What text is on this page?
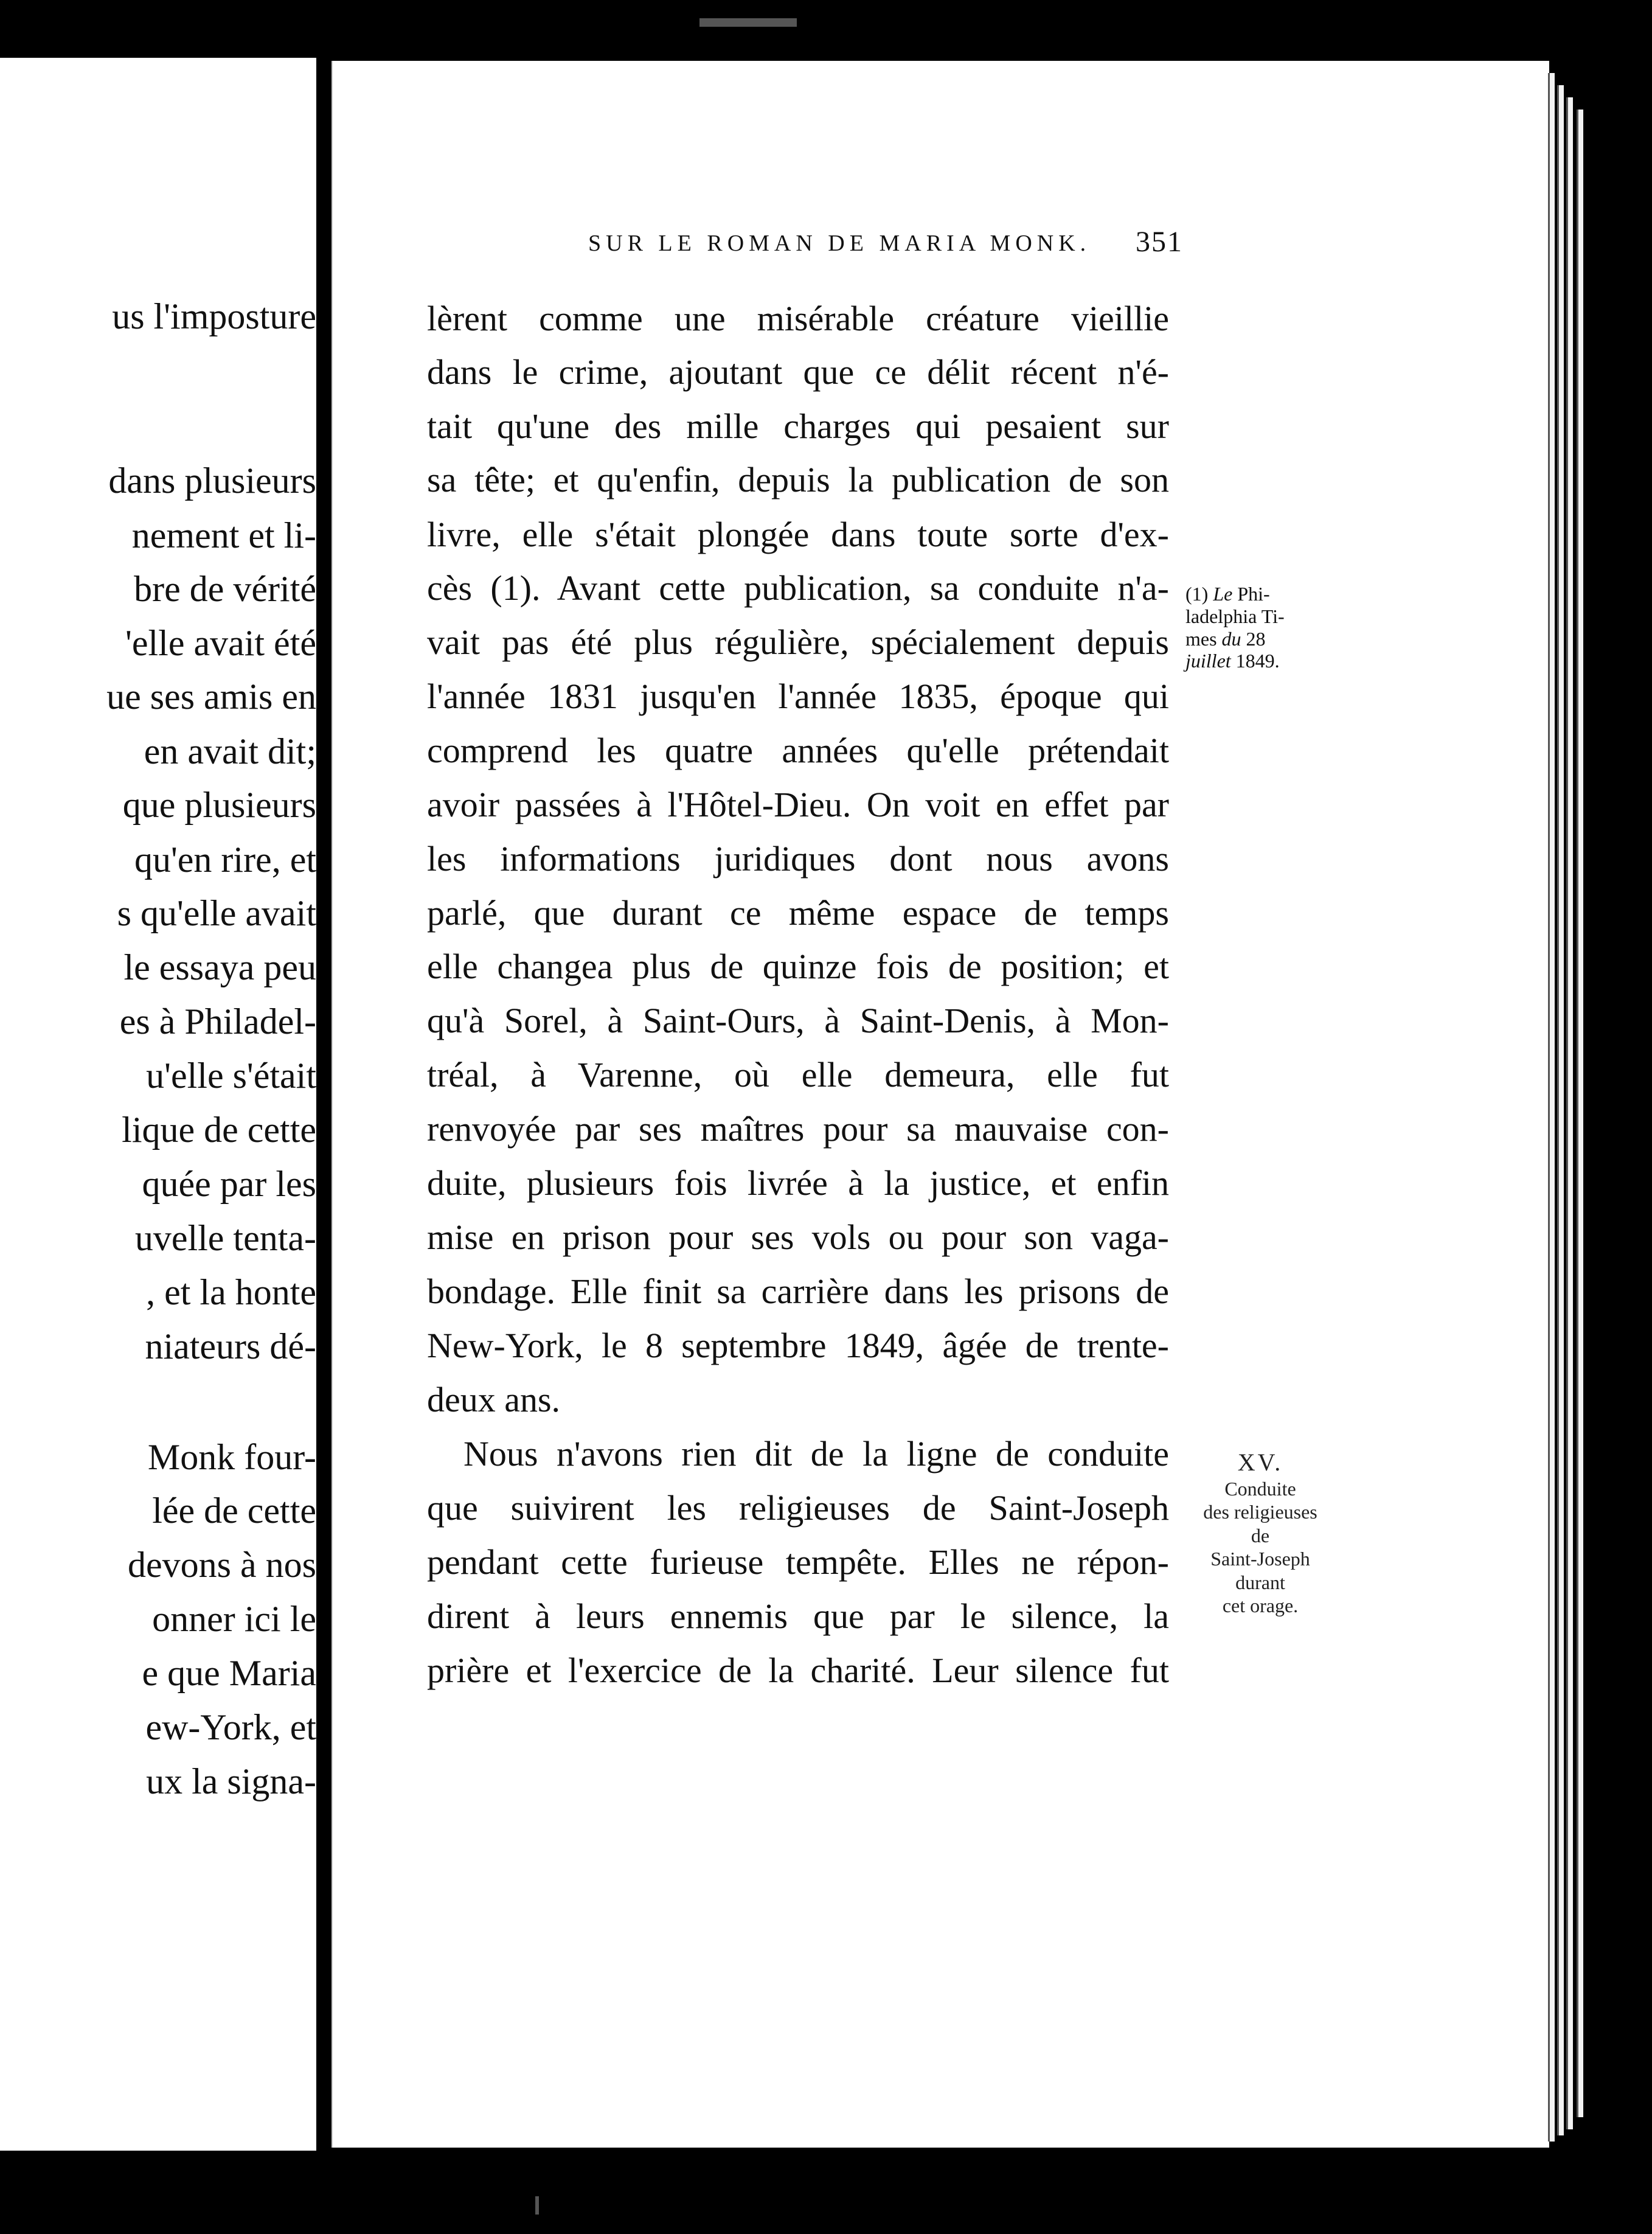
us l'imposture
dans plusieurs
nement et li-
bre de vérité
'elle avait été
ue ses amis en
en avait dit;
que plusieurs
qu'en rire, et
s qu'elle avait
le essaya peu
es à Philadel-
u'elle s'était
lique de cette
quée par les
uvelle tenta-
, et la honte
niateurs dé-
Monk four-
lée de cette
devons à nos
onner ici le
e que Maria
ew-York, et
ux la signa-
SUR LE ROMAN DE MARIA MONK. 351
lèrent comme une misérable créature vieillie
dans le crime, ajoutant que ce délit récent n'é-
tait qu'une des mille charges qui pesaient sur
sa tête; et qu'enfin, depuis la publication de son
livre, elle s'était plongée dans toute sorte d'ex-
cès (1). Avant cette publication, sa conduite n'a-
vait pas été plus régulière, spécialement depuis
l'année 1831 jusqu'en l'année 1835, époque qui
comprend les quatre années qu'elle prétendait
avoir passées à l'Hôtel-Dieu. On voit en effet par
les informations juridiques dont nous avons
parlé, que durant ce même espace de temps
elle changea plus de quinze fois de position; et
qu'à Sorel, à Saint-Ours, à Saint-Denis, à Mon-
tréal, à Varenne, où elle demeura, elle fut
renvoyée par ses maîtres pour sa mauvaise con-
duite, plusieurs fois livrée à la justice, et enfin
mise en prison pour ses vols ou pour son vaga-
bondage. Elle finit sa carrière dans les prisons de
New-York, le 8 septembre 1849, âgée de trente-
deux ans.
Nous n'avons rien dit de la ligne de conduite
que suivirent les religieuses de Saint-Joseph
pendant cette furieuse tempête. Elles ne répon-
dirent à leurs ennemis que par le silence, la
prière et l'exercice de la charité. Leur silence fut
(1) Le Phi-
ladelphia Ti-
mes du 28
juillet 1849.
XV.
Conduite
des religieuses
de
Saint-Joseph
durant
cet orage.
